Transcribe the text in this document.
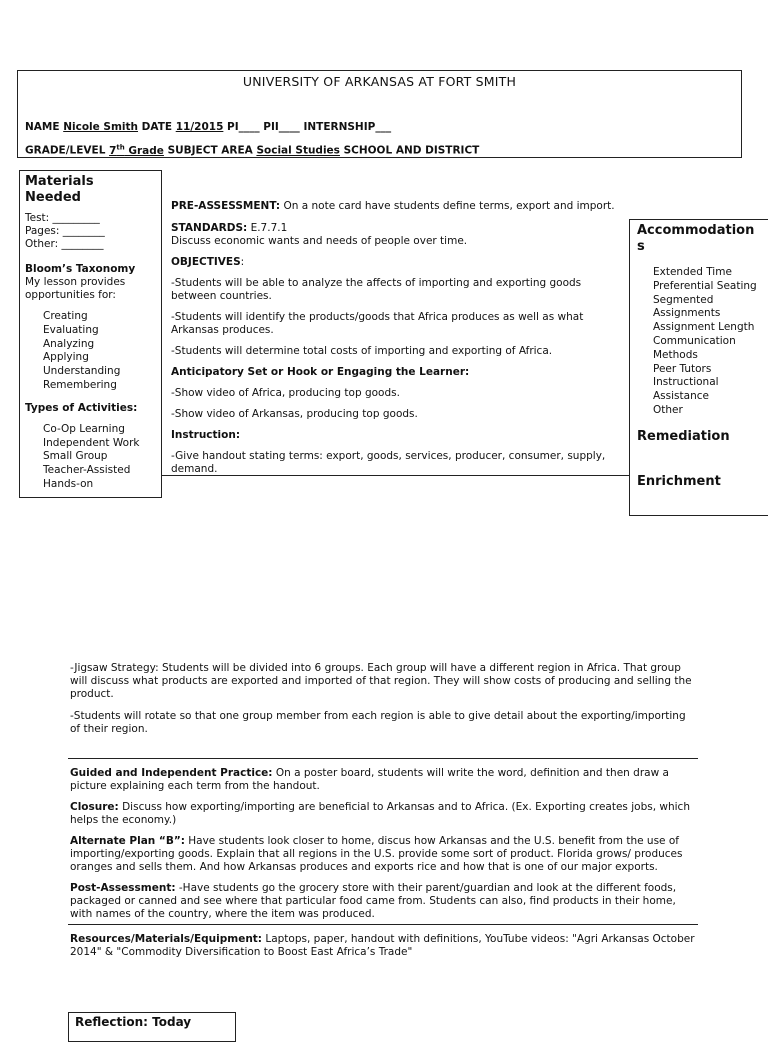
UNIVERSITY OF ARKANSAS AT FORT SMITH
NAME Nicole Smith DATE 11/2015 PI____ PII____ INTERNSHIP___
GRADE/LEVEL 7th Grade SUBJECT AREA Social Studies SCHOOL AND DISTRICT
Materials Needed
Test: _________
Pages: ________
Other: ________
Bloom’s Taxonomy
My lesson provides opportunities for:
Creating
Evaluating
Analyzing
Applying
Understanding
Remembering
Types of Activities:
Co-Op Learning
Independent Work
Small Group
Teacher-Assisted
Hands-on

PRE-ASSESSMENT: On a note card have students define terms, export and import.

STANDARDS: E.7.7.1

Discuss economic wants and needs of people over time.

OBJECTIVES:

-Students will be able to analyze the affects of importing and exporting goods between countries.

-Students will identify the products/goods that Africa produces as well as what Arkansas produces.

-Students will determine total costs of importing and exporting of Africa.

Anticipatory Set or Hook or Engaging the Learner:

-Show video of Africa, producing top goods.

-Show video of Arkansas, producing top goods.

Instruction:

-Give handout stating terms: export, goods, services, producer, consumer, supply, demand.

Accommodations
Extended Time
Preferential Seating
Segmented Assignments
Assignment Length
Communication Methods
Peer Tutors
Instructional Assistance
Other
Remediation
Enrichment

-Jigsaw Strategy: Students will be divided into 6 groups. Each group will have a different region in Africa. That group will discuss what products are exported and imported of that region. They will show costs of producing and selling the product.

-Students will rotate so that one group member from each region is able to give detail about the exporting/importing of their region.

Guided and Independent Practice: On a poster board, students will write the word, definition and then draw a picture explaining each term from the handout.

Closure: Discuss how exporting/importing are beneficial to Arkansas and to Africa. (Ex. Exporting creates jobs, which helps the economy.)

Alternate Plan “B”: Have students look closer to home, discus how Arkansas and the U.S. benefit from the use of importing/exporting goods. Explain that all regions in the U.S. provide some sort of product. Florida grows/ produces oranges and sells them. And how Arkansas produces and exports rice and how that is one of our major exports.

Post-Assessment: -Have students go the grocery store with their parent/guardian and look at the different foods, packaged or canned and see where that particular food came from. Students can also, find products in their home, with names of the country, where the item was produced.

Resources/Materials/Equipment: Laptops, paper, handout with definitions, YouTube videos: "Agri Arkansas October 2014" & "Commodity Diversification to Boost East Africa’s Trade"
Reflection: Today
